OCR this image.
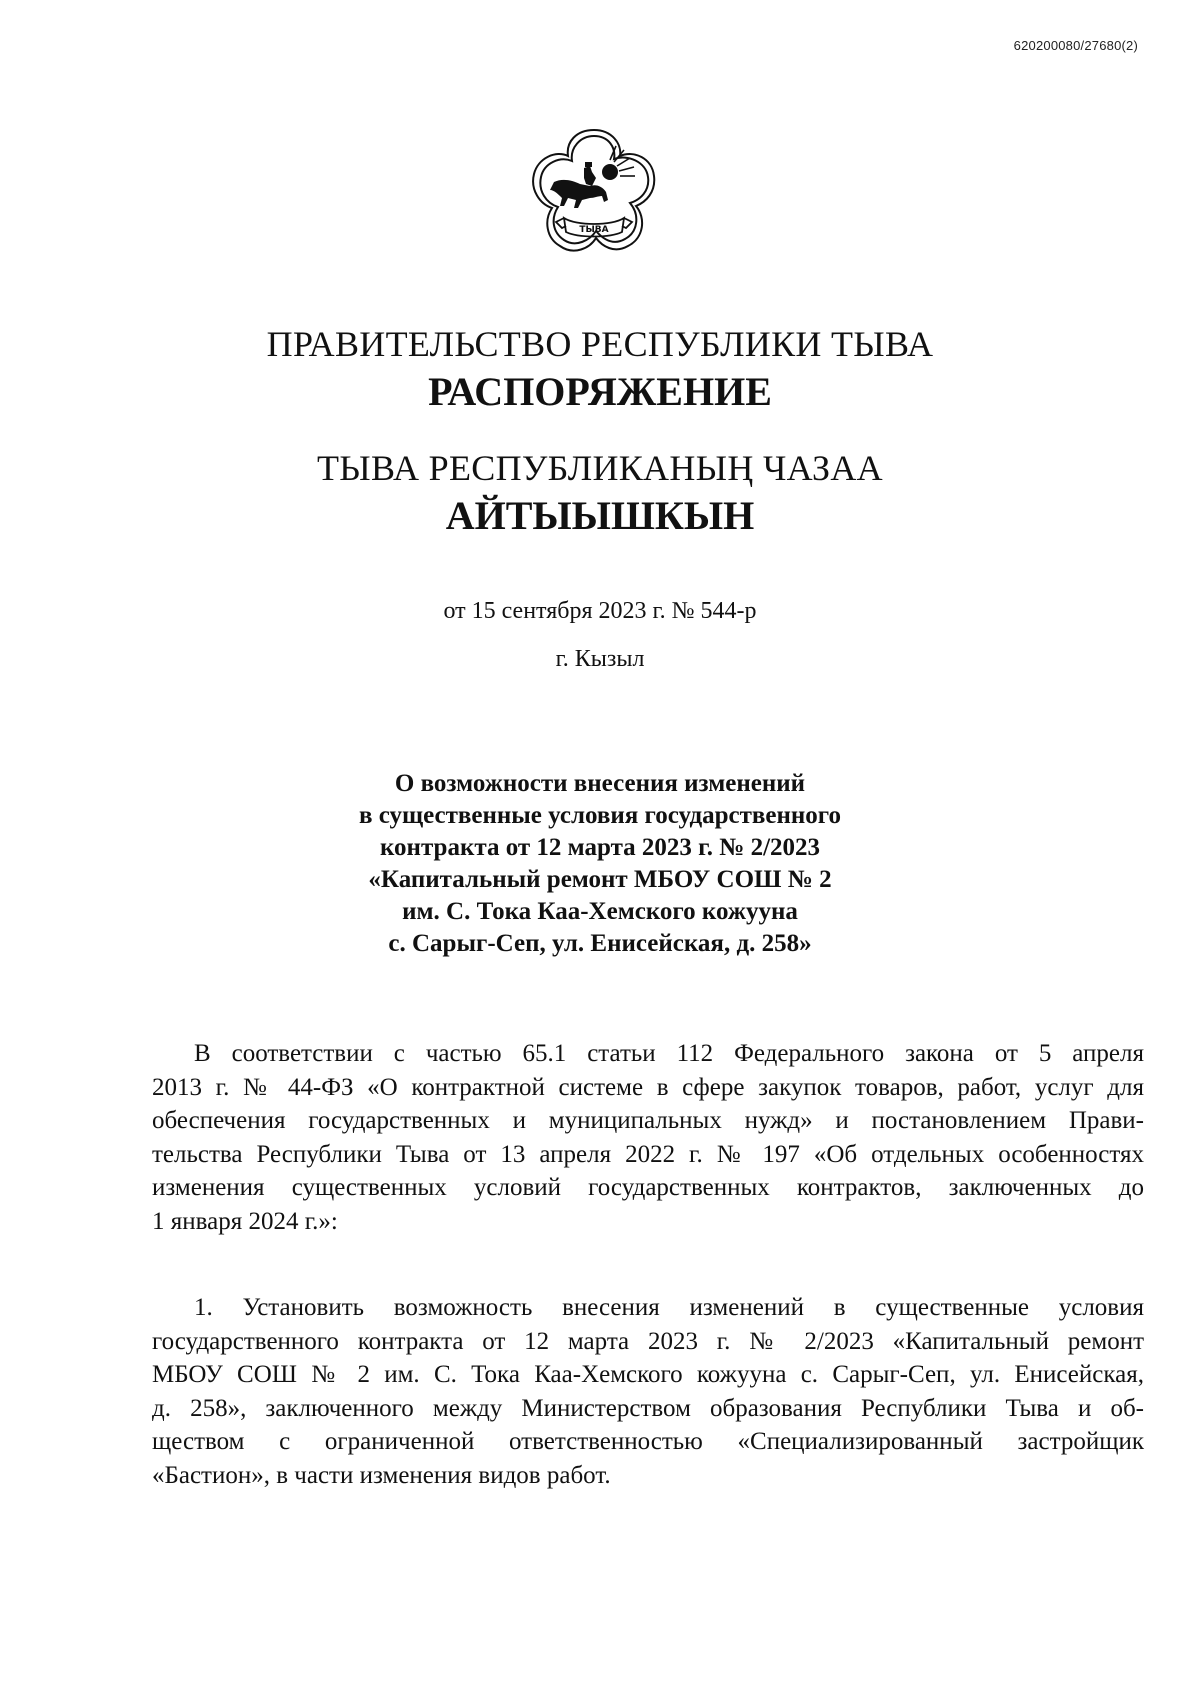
620200080/27680(2)
ТЫВА
ПРАВИТЕЛЬСТВО РЕСПУБЛИКИ ТЫВА
РАСПОРЯЖЕНИЕ
ТЫВА РЕСПУБЛИКАНЫҢ ЧАЗАА
АЙТЫЫШКЫН
от 15 сентября 2023 г. № 544-р
г. Кызыл
О возможности внесения изменений
в существенные условия государственного
контракта от 12 марта 2023 г. № 2/2023
«Капитальный ремонт МБОУ СОШ № 2
им. С. Тока Каа-Хемского кожууна
с. Сарыг-Сеп, ул. Енисейская, д. 258»
В соответствии с частью 65.1 статьи 112 Федерального закона от 5 апреля
2013 г. № 44-ФЗ «О контрактной системе в сфере закупок товаров, работ, услуг для
обеспечения государственных и муниципальных нужд» и постановлением Прави-
тельства Республики Тыва от 13 апреля 2022 г. № 197 «Об отдельных особенностях
изменения существенных условий государственных контрактов, заключенных до
1 января 2024 г.»:
1. Установить возможность внесения изменений в существенные условия
государственного контракта от 12 марта 2023 г. № 2/2023 «Капитальный ремонт
МБОУ СОШ № 2 им. С. Тока Каа-Хемского кожууна с. Сарыг-Сеп, ул. Енисейская,
д. 258», заключенного между Министерством образования Республики Тыва и об-
ществом с ограниченной ответственностью «Специализированный застройщик
«Бастион», в части изменения видов работ.
